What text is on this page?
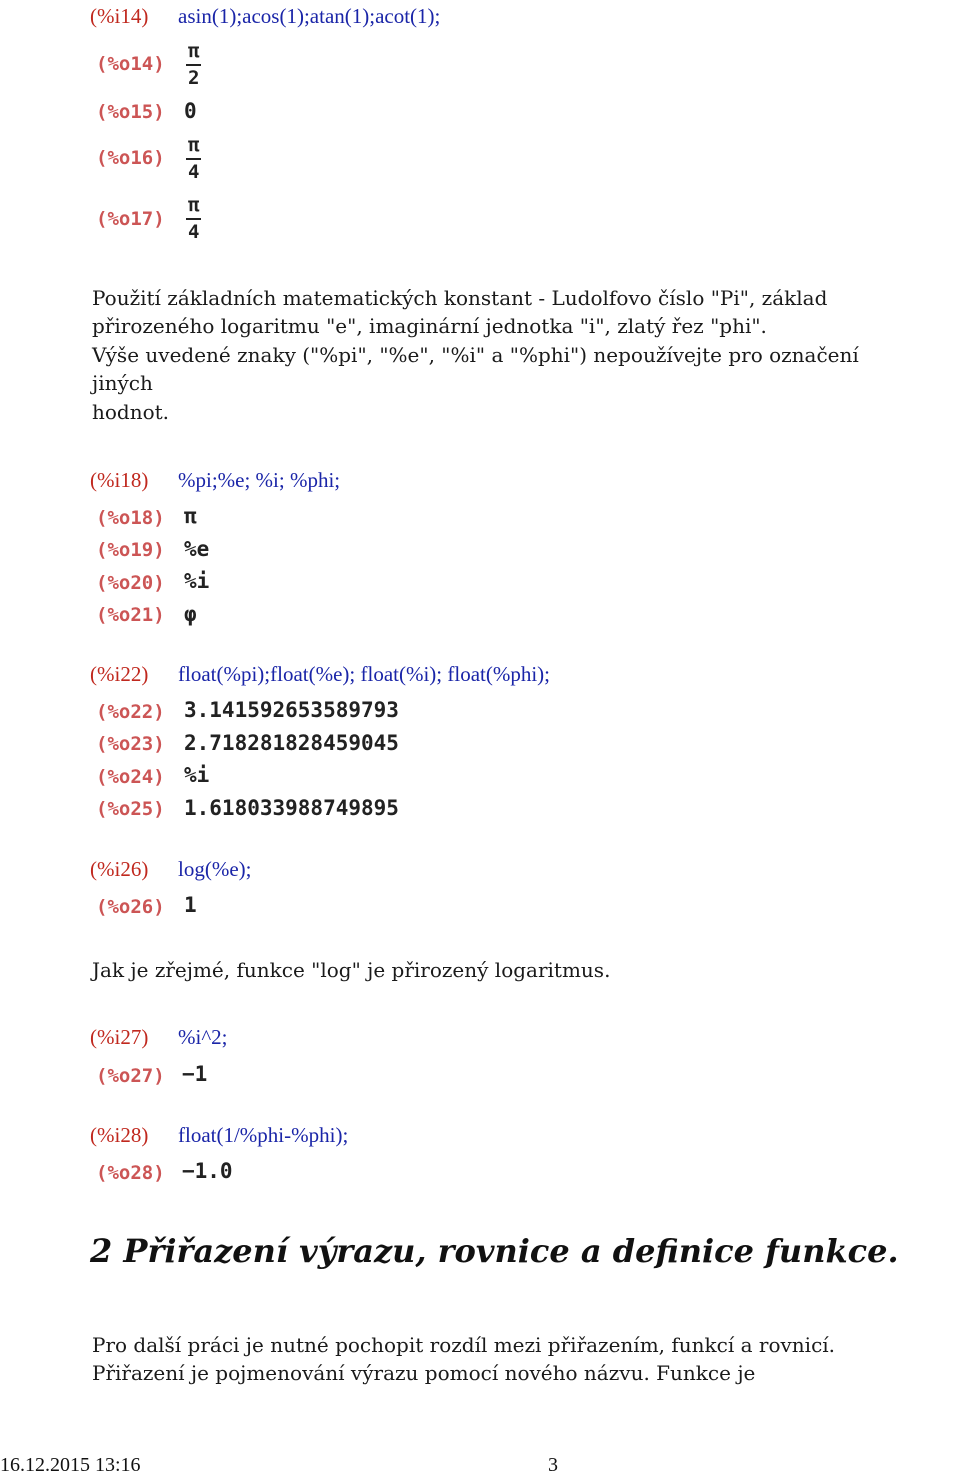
(%i14) asin(1);acos(1);atan(1);acot(1);
(%o14)
π
2
(%o15) 0
(%o16)
π
4
(%o17)
π
4
Použití základních matematických konstant - Ludolfovo číslo "Pi", základ
přirozeného logaritmu "e", imaginární jednotka "i", zlatý řez "phi".
Výše uvedené znaky ("%pi", "%e", "%i" a "%phi") nepoužívejte pro označení
jiných
hodnot.
(%i18) %pi;%e; %i; %phi;
(%o18) π
(%o19) %e
(%o20) %i
(%o21) φ
(%i22) float(%pi);float(%e); float(%i); float(%phi);
(%o22) 3.141592653589793
(%o23) 2.718281828459045
(%o24) %i
(%o25) 1.618033988749895
(%i26) log(%e);
(%o26) 1
Jak je zřejmé, funkce "log" je přirozený logaritmus.
(%i27) %i^2;
(%o27) −1
(%i28) float(1/%phi-%phi);
(%o28) −1.0
2 Přiřazení výrazu, rovnice a definice funkce.
Pro další práci je nutné pochopit rozdíl mezi přiřazením, funkcí a rovnicí.
Přiřazení je pojmenování výrazu pomocí nového názvu. Funkce je
16.12.2015 13:16	3
